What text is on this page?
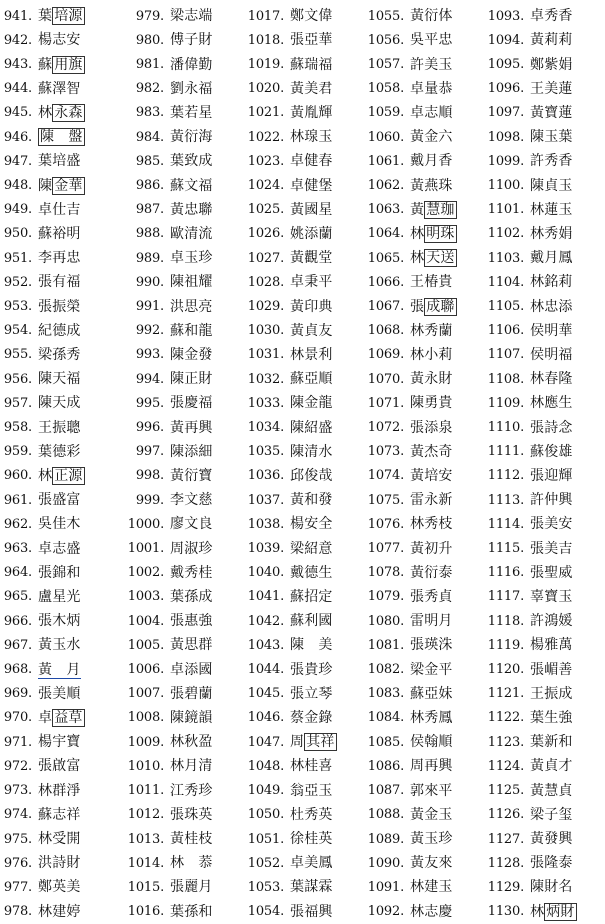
941. 葉 培源
942. 楊志安
943. 蘇 用旗
944. 蘇澤智
945. 林 永森
946. 陳　盤
947. 葉培盛
948. 陳 金華
949. 卓仕吉
950. 蘇裕明
951. 李再忠
952. 張有福
953. 張振榮
954. 紀德成
955. 梁孫秀
956. 陳天福
957. 陳天成
958. 王振聰
959. 葉德彩
960. 林 正源
961. 張盛富
962. 吳佳木
963. 卓志盛
964. 張錦和
965. 盧星光
966. 張木炳
967. 黃玉水
968. 黃　月
969. 張美順
970. 卓 益草
971. 楊宇寶
972. 張啟富
973. 林群淨
974. 蘇志祥
975. 林受開
976. 洪詩財
977. 鄭英美
978. 林建婷
979. 梁志端
980. 傅子財
981. 潘偉勤
982. 劉永福
983. 葉若星
984. 黃衍海
985. 葉致成
986. 蘇文福
987. 黃忠聯
988. 歐清流
989. 卓玉珍
990. 陳祖耀
991. 洪思亮
992. 蘇和龍
993. 陳金發
994. 陳正財
995. 張慶福
996. 黃再興
997. 陳添細
998. 黃衍寶
999. 李文慈
1000. 廖文良
1001. 周淑珍
1002. 戴秀桂
1003. 葉孫成
1004. 張惠強
1005. 黃思群
1006. 卓添國
1007. 張碧蘭
1008. 陳鏡韻
1009. 林秋盈
1010. 林月清
1011. 江秀珍
1012. 張珠英
1013. 黃桂枝
1014. 林　菾
1015. 張麗月
1016. 葉孫和
1017. 鄭文偉
1018. 張亞華
1019. 蘇瑞福
1020. 黃美君
1021. 黃胤輝
1022. 林瑔玉
1023. 卓健春
1024. 卓健堡
1025. 黃國星
1026. 姚添蘭
1027. 黃觀堂
1028. 卓秉平
1029. 黃印典
1030. 黃貞友
1031. 林景利
1032. 蘇亞順
1033. 陳金龍
1034. 陳紹盛
1035. 陳清水
1036. 邱俊哉
1037. 黃和發
1038. 楊安全
1039. 梁紹意
1040. 戴德生
1041. 蘇招定
1042. 蘇利國
1043. 陳　美
1044. 張貴珍
1045. 張立琴
1046. 蔡金錄
1047. 周 其祥
1048. 林桂喜
1049. 翁亞玉
1050. 杜秀英
1051. 徐桂英
1052. 卓美鳳
1053. 葉謀霖
1054. 張福興
1055. 黃衍体
1056. 吳平忠
1057. 許美玉
1058. 卓量恭
1059. 卓志順
1060. 黃金六
1061. 戴月香
1062. 黃燕珠
1063. 黃 慧珈
1064. 林 明珠
1065. 林 天送
1066. 王椿貴
1067. 張 成聯
1068. 林秀蘭
1069. 林小莉
1070. 黃永財
1071. 陳勇貴
1072. 張添泉
1073. 黃杰奇
1074. 黃培安
1075. 雷永新
1076. 林秀枝
1077. 黃初升
1078. 黃衍泰
1079. 張秀貞
1080. 雷明月
1081. 張瑛洙
1082. 梁金平
1083. 蘇亞妹
1084. 林秀鳳
1085. 侯翰順
1086. 周再興
1087. 郭來平
1088. 黃金玉
1089. 黃玉珍
1090. 黃友來
1091. 林建玉
1092. 林志慶
1093. 卓秀香
1094. 黃莉莉
1095. 鄭紫娟
1096. 王美蓮
1097. 黃寶蓮
1098. 陳玉葉
1099. 許秀香
1100. 陳貞玉
1101. 林蓮玉
1102. 林秀娟
1103. 戴月鳳
1104. 林銘莉
1105. 林忠添
1106. 侯明華
1107. 侯明福
1108. 林春隆
1109. 林應生
1110. 張詩念
1111. 蘇俊雄
1112. 張迎輝
1113. 許仲興
1114. 張美安
1115. 張美吉
1116. 張聖威
1117. 辜寶玉
1118. 許鴻媛
1119. 楊雅萬
1120. 張嵋善
1121. 王振成
1122. 葉生強
1123. 葉新和
1124. 黃貞才
1125. 黃慧貞
1126. 梁子玺
1127. 黃發興
1128. 張隆泰
1129. 陳財名
1130. 林 炳財
